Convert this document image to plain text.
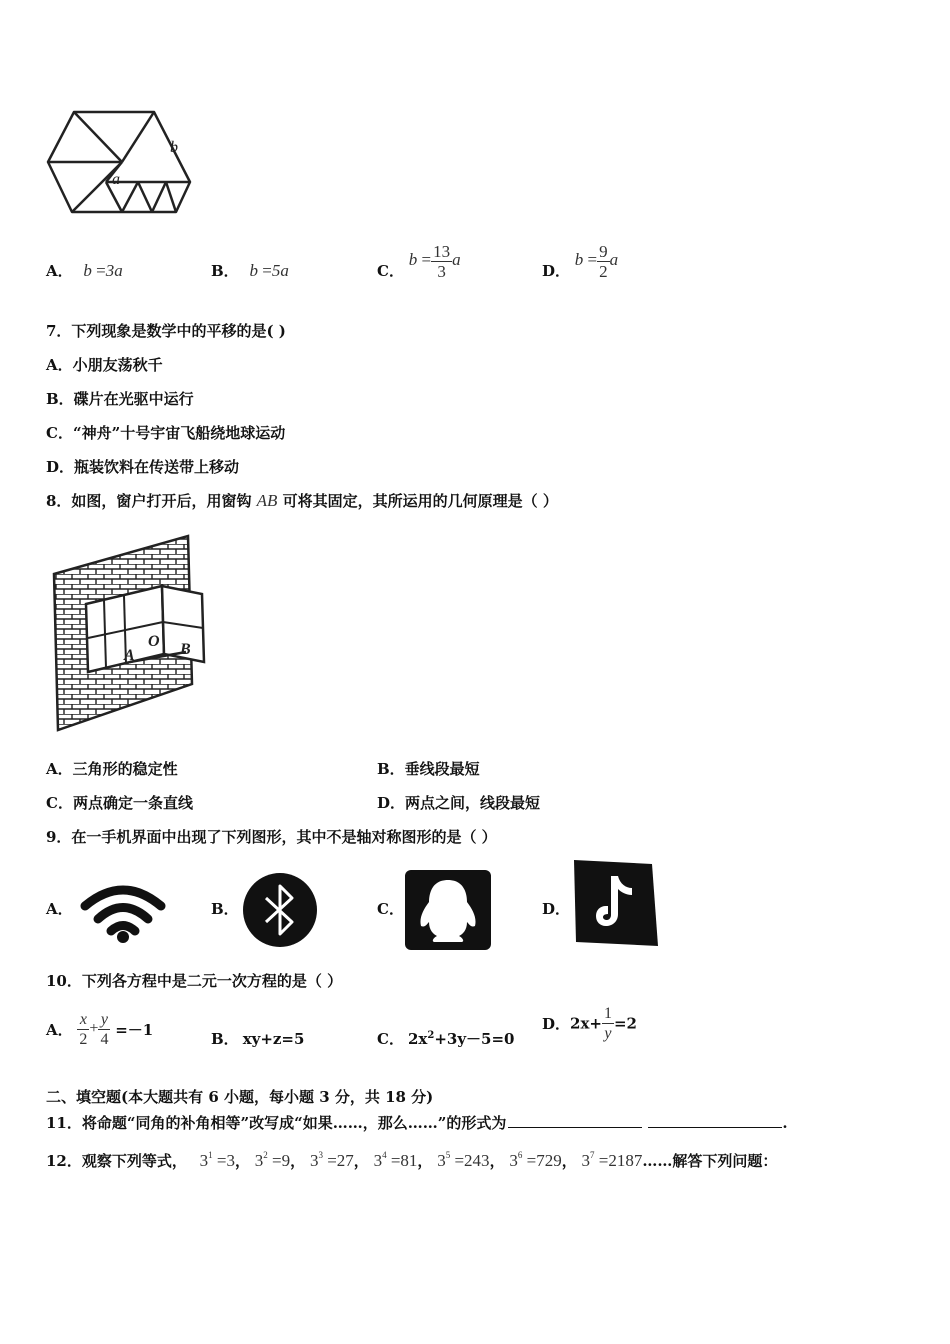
b
a
A． b =3a	B． b =5a	C． $b = \frac{13}{3}$ a
D． $b = \frac{9}{2}$ a
7．下列现象是数学中的平移的是( )
A．小朋友荡秋千
B．碟片在光驱中运行
C．“神舟”十号宇宙飞船绕地球运动
D．瓶装饮料在传送带上移动
8．如图，窗户打开后，用窗钩 AB 可将其固定，其所运用的几何原理是（ ）
A
O B
A．三角形的稳定性	B．垂线段最短
C．两点确定一条直线	D．两点之间，线段最短
9．在一手机界面中出现了下列图形，其中不是轴对称图形的是（ ）
A．	B．	C．	D．
10．下列各方程中是二元一次方程的是（ ）
A． $\frac{x}{2} + \frac{y}{4} =-1$	B． xy+z=5	C． $2x^2+3y-5=0$
D．$2x+ \frac{1}{y} =2$
二、填空题(本大题共有 6 小题，每小题 3 分，共 18 分)
11．将命题“同角的补角相等”改写成“如果……，那么……”的形式为	.
12．观察下列等式， $3^1 =3$， $3^2 =9$， $3^3 =27$， $3^4 =81$， $3^5 =243$， $3^6 =729$， $3^7$ =2187……解答下列问题：
